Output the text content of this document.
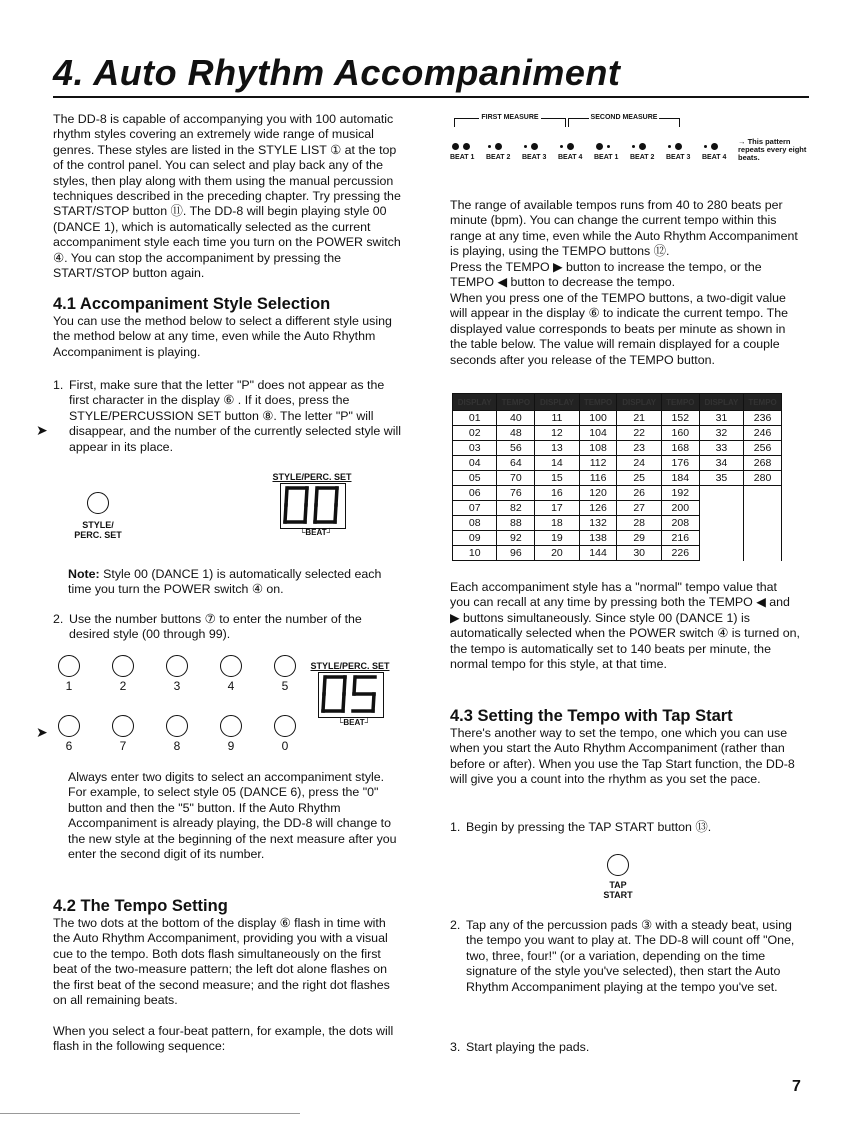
4. Auto Rhythm Accompaniment
The DD-8 is capable of accompanying you with 100 automatic rhythm styles covering an extremely wide range of musical genres. These styles are listed in the STYLE LIST ① at the top of the control panel. You can select and play back any of the styles, then play along with them using the manual percussion techniques described in the preceding chapter. Try pressing the START/STOP button ⑪. The DD-8 will begin playing style 00 (DANCE 1), which is automatically selected as the current accompaniment style each time you turn on the POWER switch ④. You can stop the accompaniment by pressing the START/STOP button again.
4.1 Accompaniment Style Selection
You can use the method below to select a different style using the method below at any time, even while the Auto Rhythm Accompaniment is playing.
1. First, make sure that the letter "P" does not appear as the first character in the display ⑥ . If it does, press the STYLE/PERCUSSION SET button ⑧. The letter "P" will disappear, and the number of the currently selected style will appear in its place.
➤
STYLE/
PERC. SET
STYLE/PERC. SET
└BEAT┘
Note: Style 00 (DANCE 1) is automatically selected each time you turn the POWER switch ④ on.
2. Use the number buttons ⑦ to enter the number of the desired style (00 through 99).
1	2	3	4	5
6	7	8	9	0
➤
STYLE/PERC. SET
└BEAT┘
Always enter two digits to select an accompaniment style. For example, to select style 05 (DANCE 6), press the "0" button and then the "5" button. If the Auto Rhythm Accompaniment is already playing, the DD-8 will change to the new style at the beginning of the next measure after you enter the second digit of its number.
4.2 The Tempo Setting
The two dots at the bottom of the display ⑥ flash in time with the Auto Rhythm Accompaniment, providing you with a visual cue to the tempo. Both dots flash simultaneously on the first beat of the two-measure pattern; the left dot alone flashes on the first beat of the second measure; and the right dot flashes on all remaining beats.
When you select a four-beat pattern, for example, the dots will flash in the following sequence:
FIRST MEASURE	SECOND MEASURE
BEAT 1 BEAT 2 BEAT 3 BEAT 4 BEAT 1 BEAT 2 BEAT 3 BEAT 4
→ This pattern repeats every eight beats.
The range of available tempos runs from 40 to 280 beats per minute (bpm). You can change the current tempo within this range at any time, even while the Auto Rhythm Accompaniment is playing, using the TEMPO buttons ⑫.
Press the TEMPO ▶ button to increase the tempo, or the TEMPO ◀ button to decrease the tempo.
When you press one of the TEMPO buttons, a two-digit value will appear in the display ⑥ to indicate the current tempo. The displayed value corresponds to beats per minute as shown in the table below. The value will remain displayed for a couple seconds after you release of the TEMPO button.
DISPLAY	TEMPO	DISPLAY	TEMPO	DISPLAY	TEMPO	DISPLAY	TEMPO
01	40	11	100	21	152	31	236
02	48	12	104	22	160	32	246
03	56	13	108	23	168	33	256
04	64	14	112	24	176	34	268
05	70	15	116	25	184	35	280
06	76	16	120	26	192		
07	82	17	126	27	200		
08	88	18	132	28	208		
09	92	19	138	29	216		
10	96	20	144	30	226		
Each accompaniment style has a "normal" tempo value that you can recall at any time by pressing both the TEMPO ◀ and ▶ buttons simultaneously. Since style 00 (DANCE 1) is automatically selected when the POWER switch ④ is turned on, the tempo is automatically set to 140 beats per minute, the normal tempo for this style, at that time.
4.3 Setting the Tempo with Tap Start
There's another way to set the tempo, one which you can use when you start the Auto Rhythm Accompaniment (rather than before or after). When you use the Tap Start function, the DD-8 will give you a count into the rhythm as you set the pace.
1. Begin by pressing the TAP START button ⑬.
TAP
START
2. Tap any of the percussion pads ③ with a steady beat, using the tempo you want to play at. The DD-8 will count off "One, two, three, four!" (or a variation, depending on the time signature of the style you've selected), then start the Auto Rhythm Accompaniment playing at the tempo you've set.
3. Start playing the pads.
7
